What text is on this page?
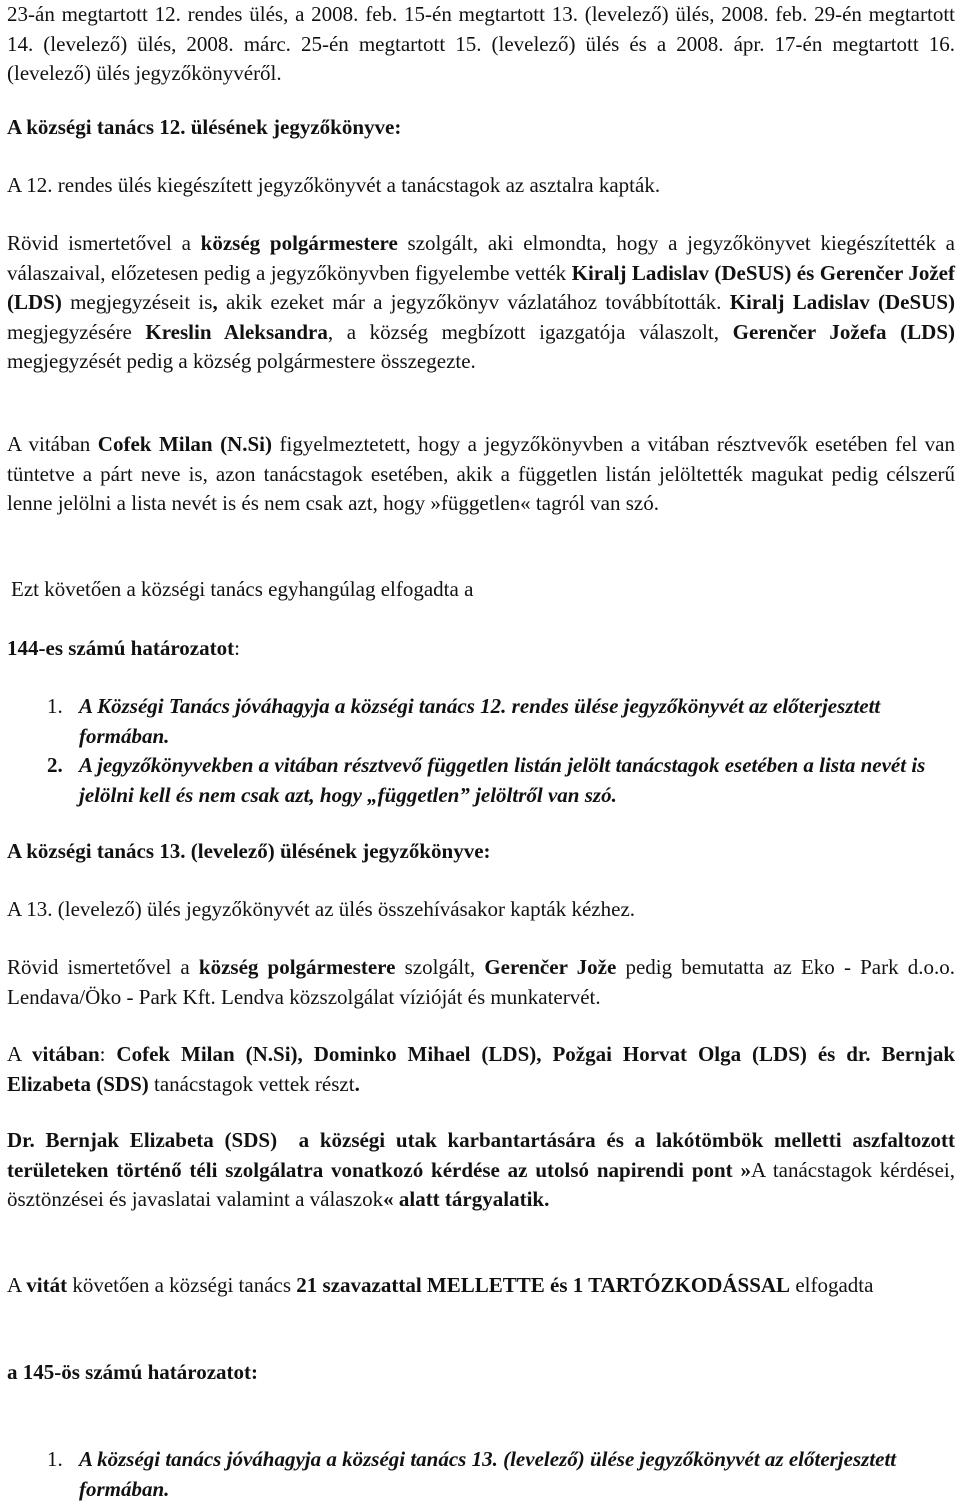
23-án megtartott 12. rendes ülés, a 2008. feb. 15-én megtartott 13. (levelező) ülés, 2008. feb. 29-én megtartott 14. (levelező) ülés, 2008. márc. 25-én megtartott 15. (levelező) ülés és a 2008. ápr. 17-én megtartott 16. (levelező) ülés jegyzőkönyvéről.

A községi tanács 12. ülésének jegyzőkönyve:

A 12. rendes ülés kiegészített jegyzőkönyvét a tanácstagok az asztalra kapták.

Rövid ismertetővel a község polgármestere szolgált, aki elmondta, hogy a jegyzőkönyvet kiegészítették a válaszaival, előzetesen pedig a jegyzőkönyvben figyelembe vették Kiralj Ladislav (DeSUS) és Gerenčer Jožef (LDS) megjegyzéseit is, akik ezeket már a jegyzőkönyv vázlatához továbbították. Kiralj Ladislav (DeSUS) megjegyzésére Kreslin Aleksandra, a község megbízott igazgatója válaszolt, Gerenčer Jožefa (LDS) megjegyzését pedig a község polgármestere összegezte.

A vitában Cofek Milan (N.Si) figyelmeztetett, hogy a jegyzőkönyvben a vitában résztvevők esetében fel van tüntetve a párt neve is, azon tanácstagok esetében, akik a független listán jelöltették magukat pedig célszerű lenne jelölni a lista nevét is és nem csak azt, hogy »független« tagról van szó.

Ezt követően a községi tanács egyhangúlag elfogadta a

144-es számú határozatot:

1. A Községi Tanács jóváhagyja a községi tanács 12. rendes ülése jegyzőkönyvét az előterjesztett formában.
2. A jegyzőkönyvekben a vitában résztvevő független listán jelölt tanácstagok esetében a lista nevét is jelölni kell és nem csak azt, hogy „független” jelöltről van szó.

A községi tanács 13. (levelező) ülésének jegyzőkönyve:

A 13. (levelező) ülés jegyzőkönyvét az ülés összehívásakor kapták kézhez.

Rövid ismertetővel a község polgármestere szolgált, Gerenčer Jože pedig bemutatta az Eko - Park d.o.o. Lendava/Öko - Park Kft. Lendva közszolgálat vízióját és munkatervét.

A vitában: Cofek Milan (N.Si), Dominko Mihael (LDS), Požgai Horvat Olga (LDS) és dr. Bernjak Elizabeta (SDS) tanácstagok vettek részt.

Dr. Bernjak Elizabeta (SDS) a községi utak karbantartására és a lakótömbök melletti aszfaltozott területeken történő téli szolgálatra vonatkozó kérdése az utolsó napirendi pont »A tanácstagok kérdései, ösztönzései és javaslatai valamint a válaszok« alatt tárgyalatik.

A vitát követően a községi tanács 21 szavazattal MELLETTE és 1 TARTÓZKODÁSSAL elfogadta

a 145-ös számú határozatot:

1. A községi tanács jóváhagyja a községi tanács 13. (levelező) ülése jegyzőkönyvét az előterjesztett formában.
